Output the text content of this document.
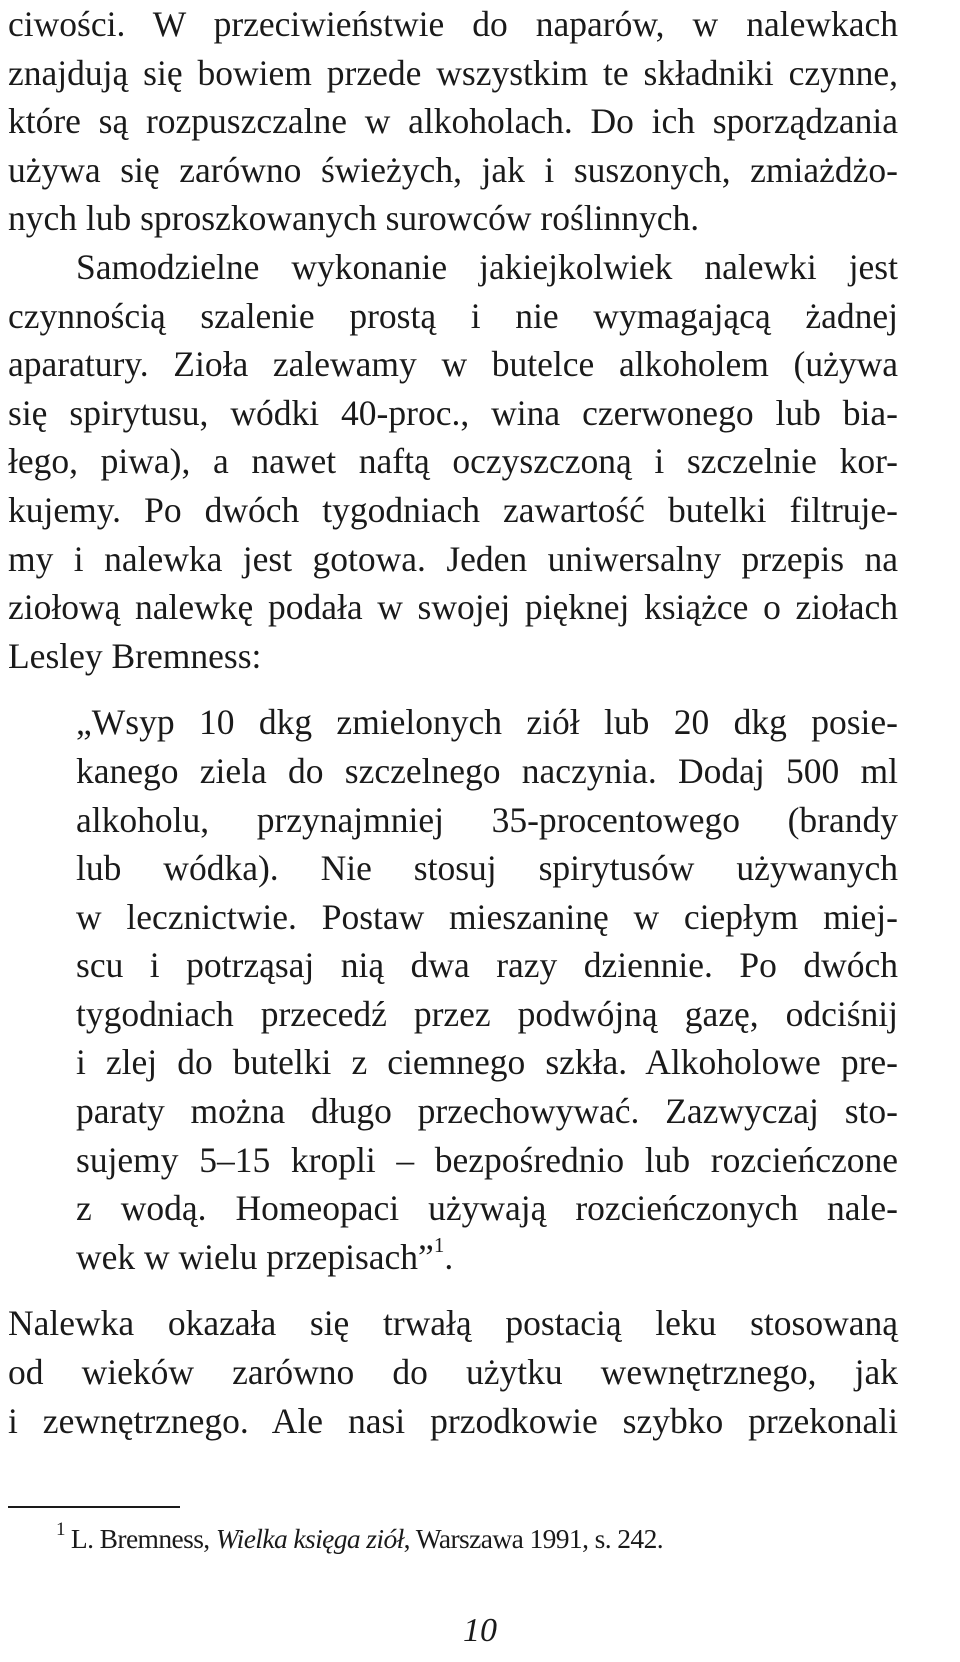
ciwości. W przeciwieństwie do naparów, w nalewkach
znajdują się bowiem przede wszystkim te składniki czynne,
które są rozpuszczalne w alkoholach. Do ich sporządzania
używa się zarówno świeżych, jak i suszonych, zmiażdżo-
nych lub sproszkowanych surowców roślinnych.
Samodzielne wykonanie jakiejkolwiek nalewki jest
czynnością szalenie prostą i nie wymagającą żadnej
aparatury. Zioła zalewamy w butelce alkoholem (używa
się spirytusu, wódki 40-proc., wina czerwonego lub bia-
łego, piwa), a nawet naftą oczyszczoną i szczelnie kor-
kujemy. Po dwóch tygodniach zawartość butelki filtruje-
my i nalewka jest gotowa. Jeden uniwersalny przepis na
ziołową nalewkę podała w swojej pięknej książce o ziołach
Lesley Bremness:
„Wsyp 10 dkg zmielonych ziół lub 20 dkg posie-
kanego ziela do szczelnego naczynia. Dodaj 500 ml
alkoholu, przynajmniej 35-procentowego (brandy
lub wódka). Nie stosuj spirytusów używanych
w lecznictwie. Postaw mieszaninę w ciepłym miej-
scu i potrząsaj nią dwa razy dziennie. Po dwóch
tygodniach przecedź przez podwójną gazę, odciśnij
i zlej do butelki z ciemnego szkła. Alkoholowe pre-
paraty można długo przechowywać. Zazwyczaj sto-
sujemy 5–15 kropli – bezpośrednio lub rozcieńczone
z wodą. Homeopaci używają rozcieńczonych nale-
wek w wielu przepisach”$^1$.
Nalewka okazała się trwałą postacią leku stosowaną
od wieków zarówno do użytku wewnętrznego, jak
i zewnętrznego. Ale nasi przodkowie szybko przekonali
$^1$ L. Bremness, Wielka księga ziół, Warszawa 1991, s. 242.
10
